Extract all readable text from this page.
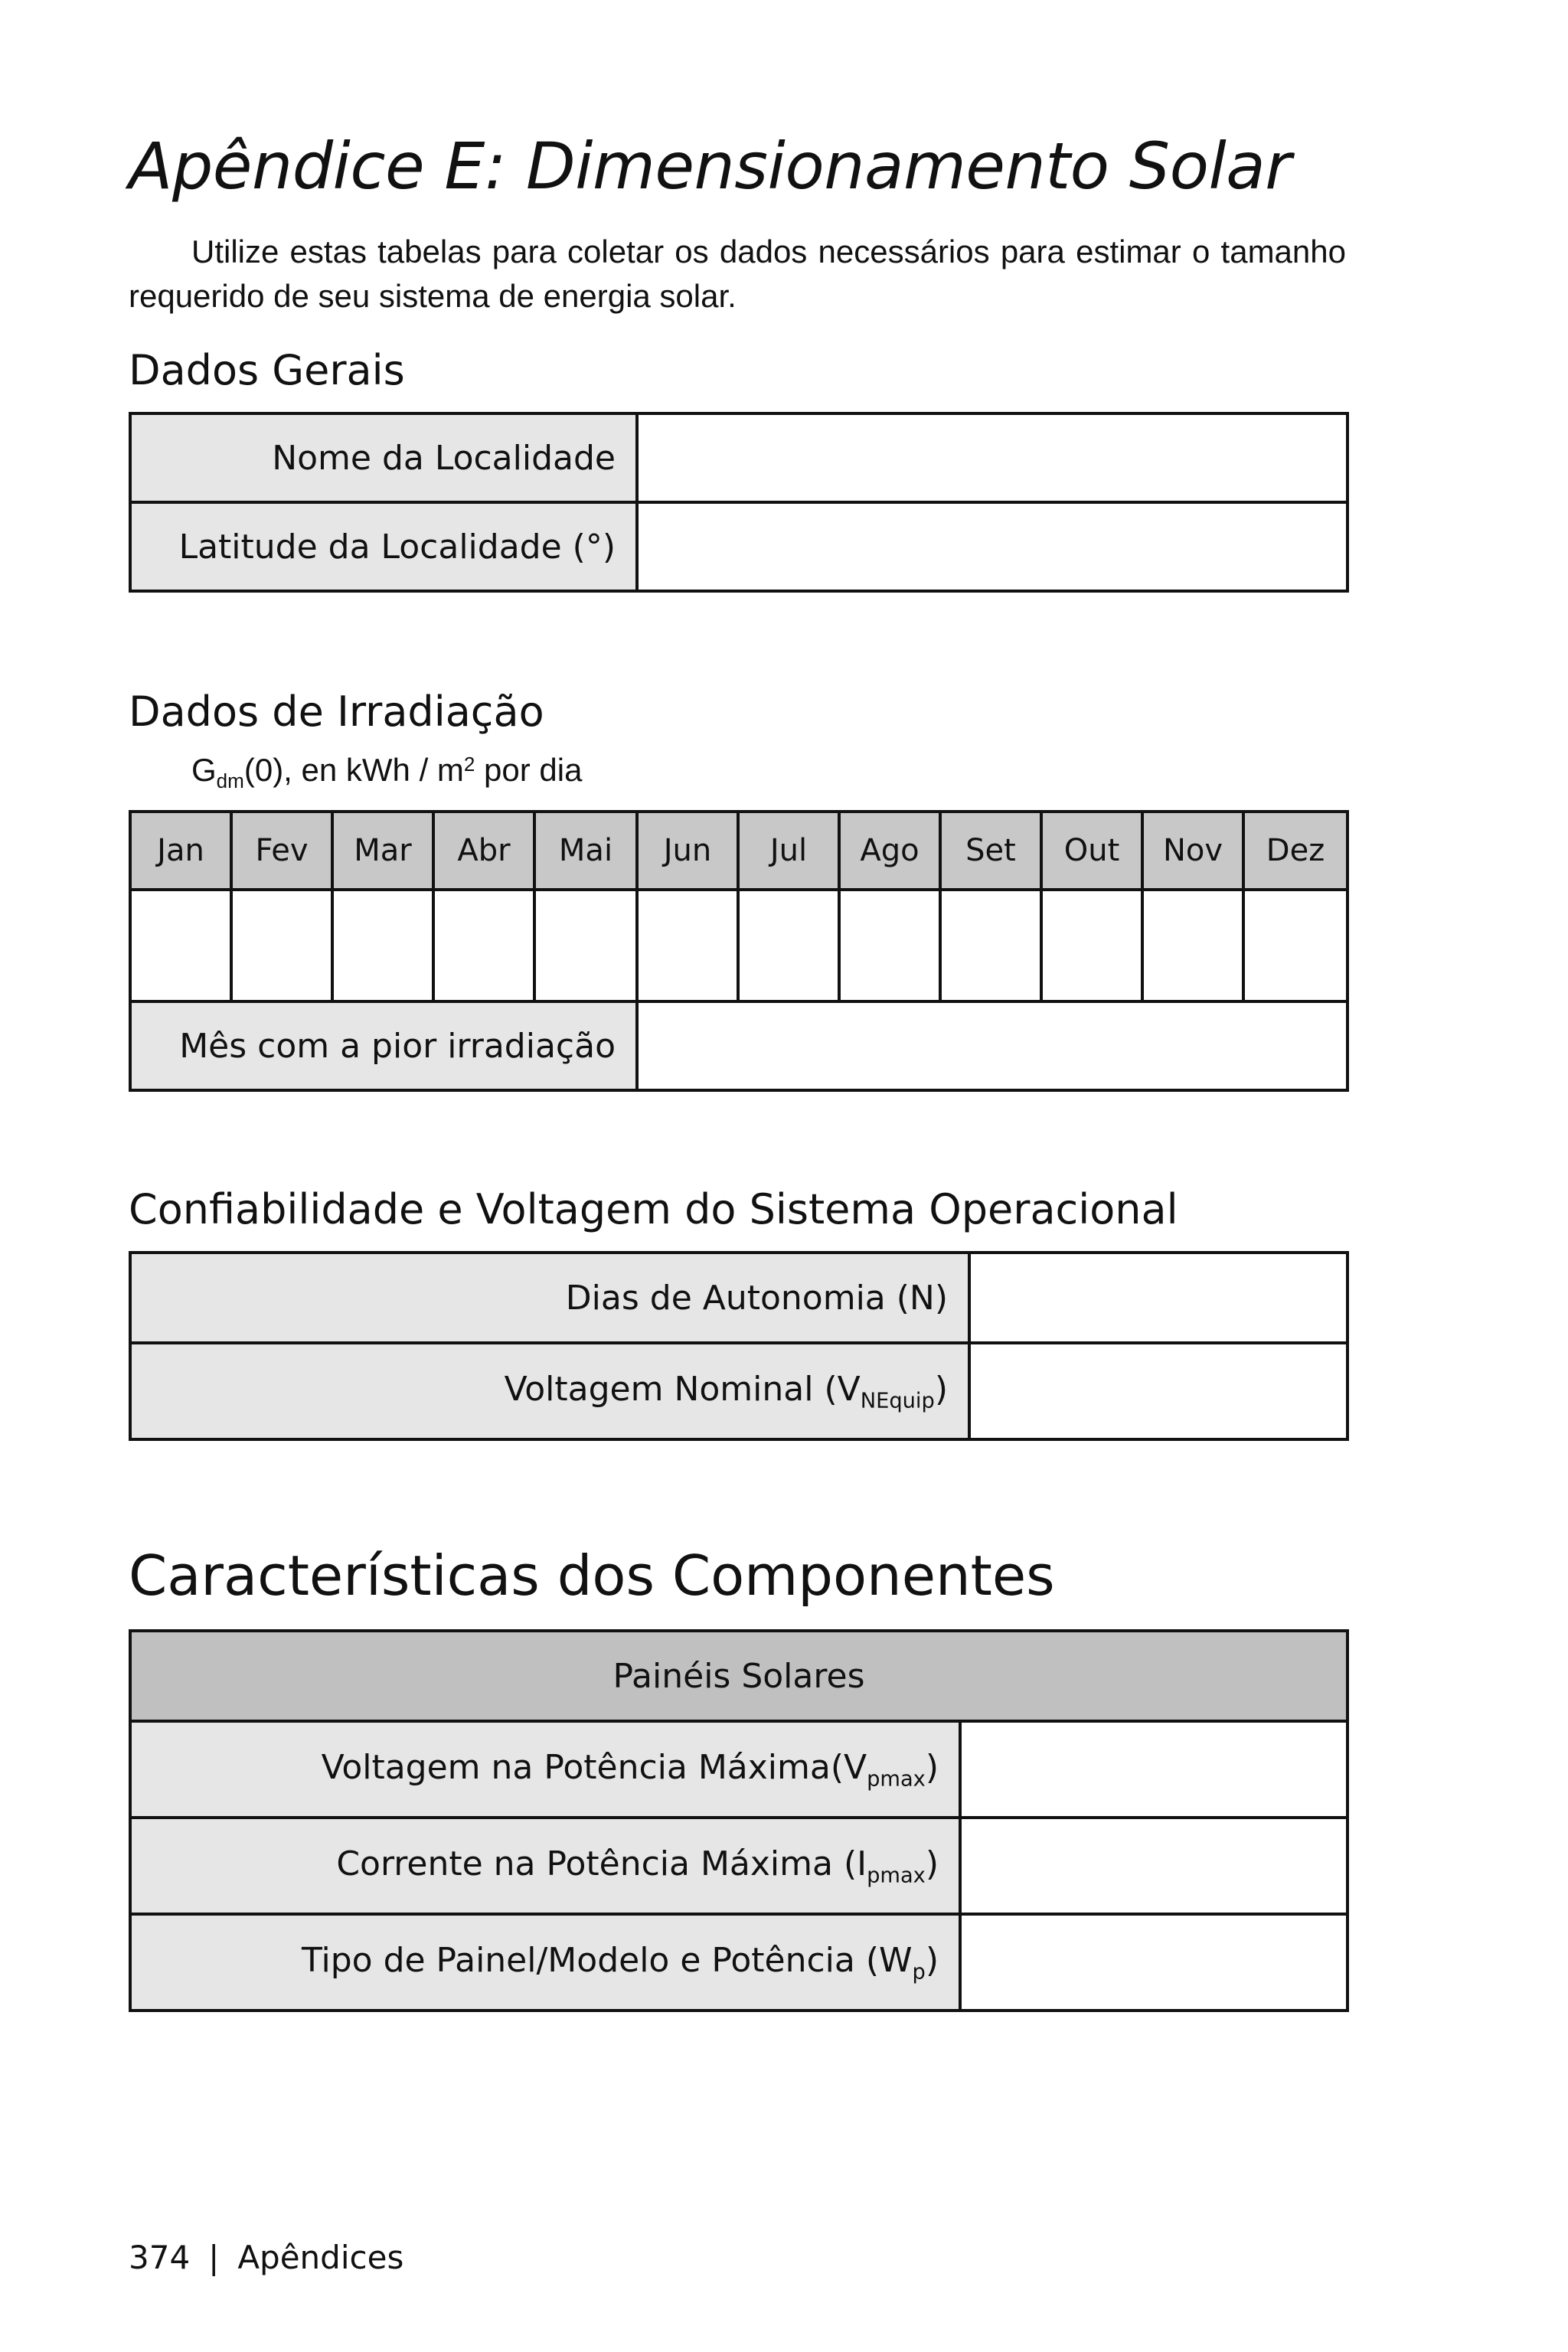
Apêndice E: Dimensionamento Solar
Utilize estas tabelas para coletar os dados necessários para estimar o tamanho requerido de seu sistema de energia solar.
Dados Gerais
Nome da Localidade	
Latitude da Localidade (°)	
Dados de Irradiação
$G_{dm}(0)$, en kWh / $m^2$ por dia
Jan	Fev	Mar	Abr	Mai	Jun	Jul	Ago	Set	Out	Nov	Dez

Mês com a pior irradiação											
Confiabilidade e Voltagem do Sistema Operacional
Dias de Autonomia (N)	
Voltagem Nominal $(V_{NEquip})$	
Características dos Componentes
Painéis Solares	
Voltagem na Potência $Máxima(V_{pmax})$	
Corrente na Potência Máxima $(I_{pmax})$	
Tipo de Painel/Modelo e Potência $(W_p)$	
374 | Apêndices
